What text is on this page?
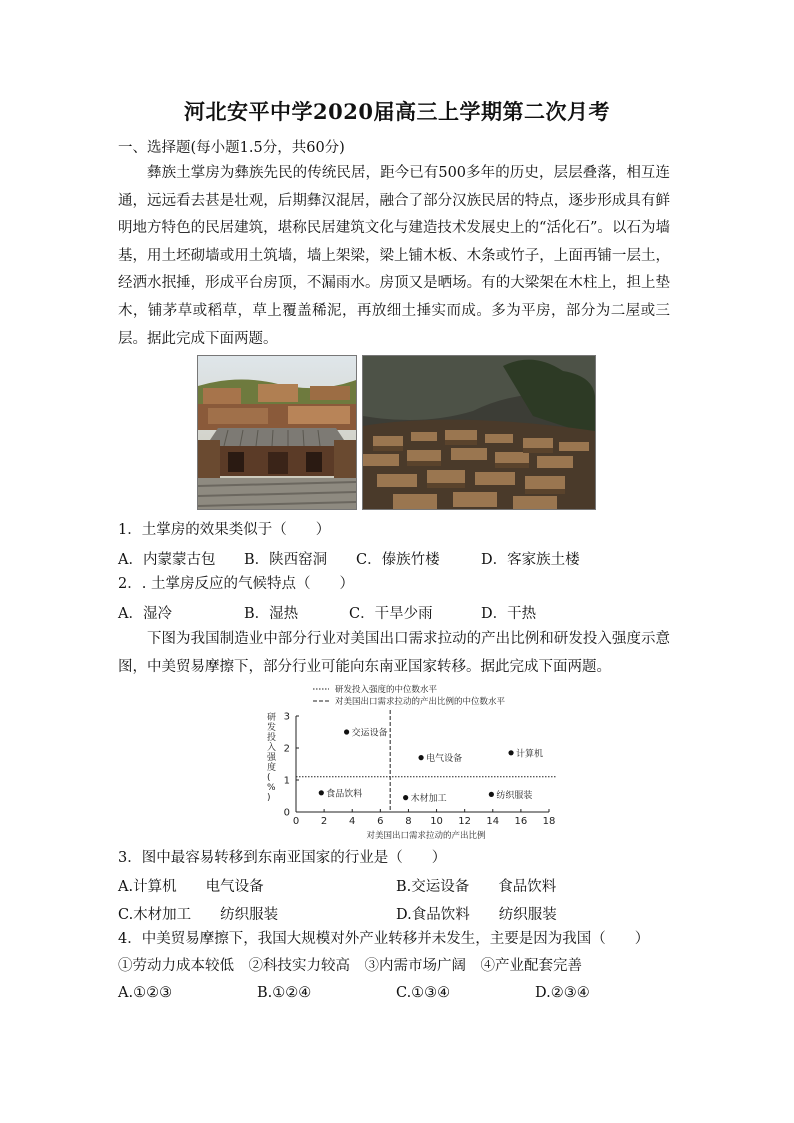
河北安平中学2020届高三上学期第二次月考
一、选择题(每小题1.5分，共60分)
彝族土掌房为彝族先民的传统民居，距今已有500多年的历史，层层叠落，相互连通，远远看去甚是壮观，后期彝汉混居，融合了部分汉族民居的特点，逐步形成具有鲜明地方特色的民居建筑，堪称民居建筑文化与建造技术发展史上的“活化石”。以石为墙基，用土坯砌墙或用土筑墙，墙上架梁，梁上铺木板、木条或竹子，上面再铺一层土，经洒水抿捶，形成平台房顶，不漏雨水。房顶又是晒场。有的大梁架在木柱上，担上垫木，铺茅草或稻草，草上覆盖稀泥，再放细土捶实而成。多为平房，部分为二屋或三层。据此完成下面两题。
1．土掌房的效果类似于（　　）
A．内蒙蒙古包 B．陕西窑洞 C．傣族竹楼	D．客家族土楼
2．. 土掌房反应的气候特点（　　）
A．湿冷	B．湿热	C．干旱少雨	D．干热
下图为我国制造业中部分行业对美国出口需求拉动的产出比例和研发投入强度示意图，中美贸易摩擦下，部分行业可能向东南亚国家转移。据此完成下面两题。
研发投入强度的中位数水平
对美国出口需求拉动的产出比例的中位数水平
研发投入强度( % )
0 2 4 6 8 10 12 14 16 18
0
1
2
3
交运设备
电气设备	计算机
食品饮料	木材加工	纺织服装
对美国出口需求拉动的产出比例
3．图中最容易转移到东南亚国家的行业是（　　）
A.计算机　　电气设备	B.交运设备　　食品饮料
C.木材加工　　纺织服装	D.食品饮料　　纺织服装
4．中美贸易摩擦下，我国大规模对外产业转移并未发生，主要是因为我国（　　）
①劳动力成本较低　②科技实力较高　③内需市场广阔　④产业配套完善
A.①②③	B.①②④	C.①③④	D.②③④
